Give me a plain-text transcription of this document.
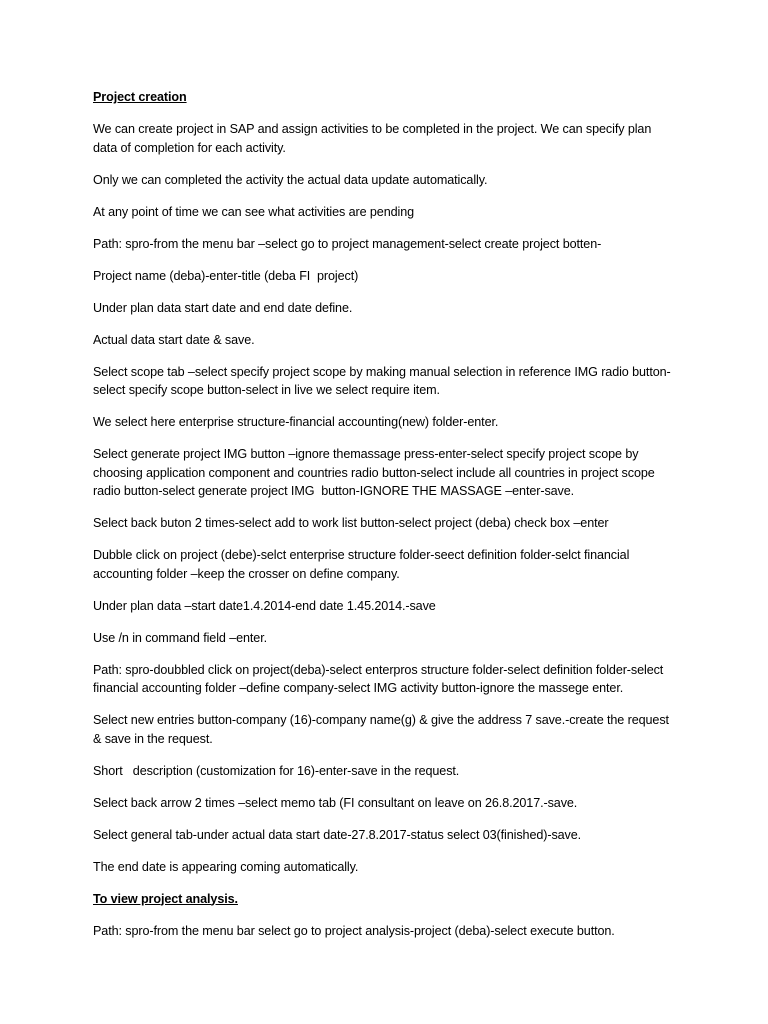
Project creation

We can create project in SAP and assign activities to be completed in the project. We can specify plan data of completion for each activity.

Only we can completed the activity the actual data update automatically.

At any point of time we can see what activities are pending

Path: spro-from the menu bar –select go to project management-select create project botten-

Project name (deba)-enter-title (deba FI  project)

Under plan data start date and end date define.

Actual data start date & save.

Select scope tab –select specify project scope by making manual selection in reference IMG radio button-select specify scope button-select in live we select require item.

We select here enterprise structure-financial accounting(new) folder-enter.

Select generate project IMG button –ignore themassage press-enter-select specify project scope by choosing application component and countries radio button-select include all countries in project scope radio button-select generate project IMG  button-IGNORE THE MASSAGE –enter-save.

Select back buton 2 times-select add to work list button-select project (deba) check box –enter

Dubble click on project (debe)-selct enterprise structure folder-seect definition folder-selct financial accounting folder –keep the crosser on define company.

Under plan data –start date1.4.2014-end date 1.45.2014.-save

Use /n in command field –enter.

Path: spro-doubbled click on project(deba)-select enterpros structure folder-select definition folder-select financial accounting folder –define company-select IMG activity button-ignore the massege enter.

Select new entries button-company (16)-company name(g) & give the address 7 save.-create the request & save in the request.

Short   description (customization for 16)-enter-save in the request.

Select back arrow 2 times –select memo tab (FI consultant on leave on 26.8.2017.-save.

Select general tab-under actual data start date-27.8.2017-status select 03(finished)-save.

The end date is appearing coming automatically.

To view project analysis.

Path: spro-from the menu bar select go to project analysis-project (deba)-select execute button.
